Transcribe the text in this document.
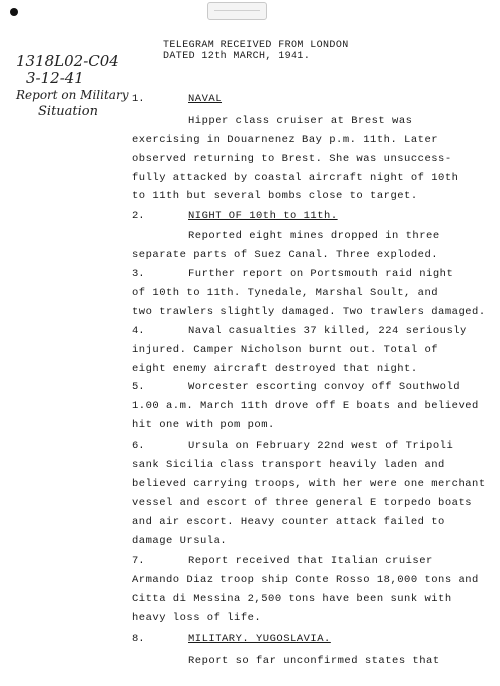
1318L02-C04
3-12-41
Report on Military
Situation
TELEGRAM RECEIVED FROM LONDON
DATED 12th MARCH, 1941.
1.	NAVAL
Hipper class cruiser at Brest was
exercising in Douarnenez Bay p.m. 11th. Later
observed returning to Brest. She was unsuccess-
fully attacked by coastal aircraft night of 10th
to 11th but several bombs close to target.
2.	NIGHT OF 10th to 11th.
Reported eight mines dropped in three
separate parts of Suez Canal. Three exploded.
3.	Further report on Portsmouth raid night
of 10th to 11th. Tynedale, Marshal Soult, and
two trawlers slightly damaged. Two trawlers damaged.
4.	Naval casualties 37 killed, 224 seriously
injured. Camper Nicholson burnt out. Total of
eight enemy aircraft destroyed that night.
5.	Worcester escorting convoy off Southwold
1.00 a.m. March 11th drove off E boats and believed
hit one with pom pom.
6.	Ursula on February 22nd west of Tripoli
sank Sicilia class transport heavily laden and
believed carrying troops, with her were one merchant
vessel and escort of three general E torpedo boats
and air escort. Heavy counter attack failed to
damage Ursula.
7.	Report received that Italian cruiser
Armando Diaz troop ship Conte Rosso 18,000 tons and
Citta di Messina 2,500 tons have been sunk with
heavy loss of life.
8.	MILITARY. YUGOSLAVIA.
Report so far unconfirmed states that
